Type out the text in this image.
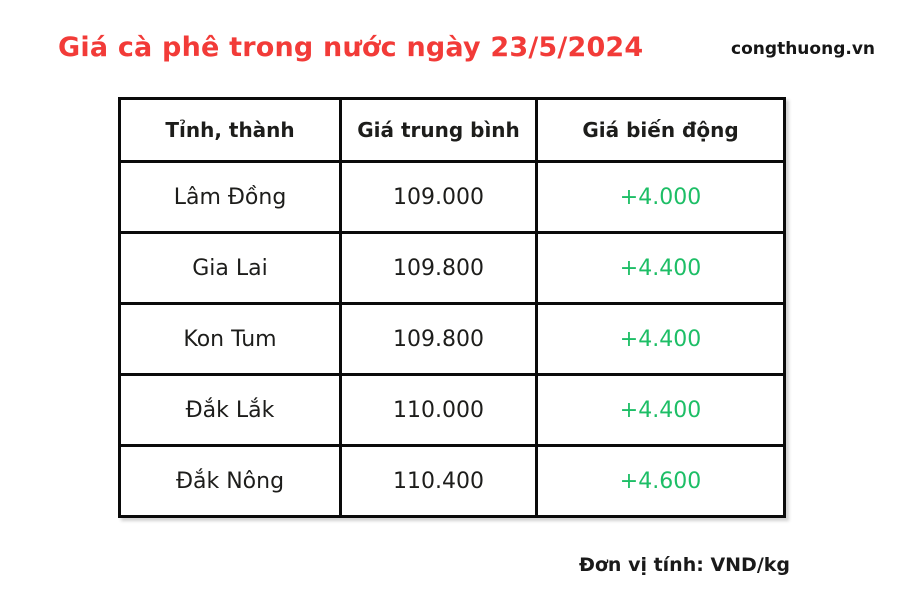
Giá cà phê trong nước ngày 23/5/2024	congthuong.vn
Tỉnh, thành	Giá trung bình	Giá biến động
Lâm Đồng	109.000	+4.000
Gia Lai	109.800	+4.400
Kon Tum	109.800	+4.400
Đắk Lắk	110.000	+4.400
Đắk Nông	110.400	+4.600
Đơn vị tính: VND/kg
